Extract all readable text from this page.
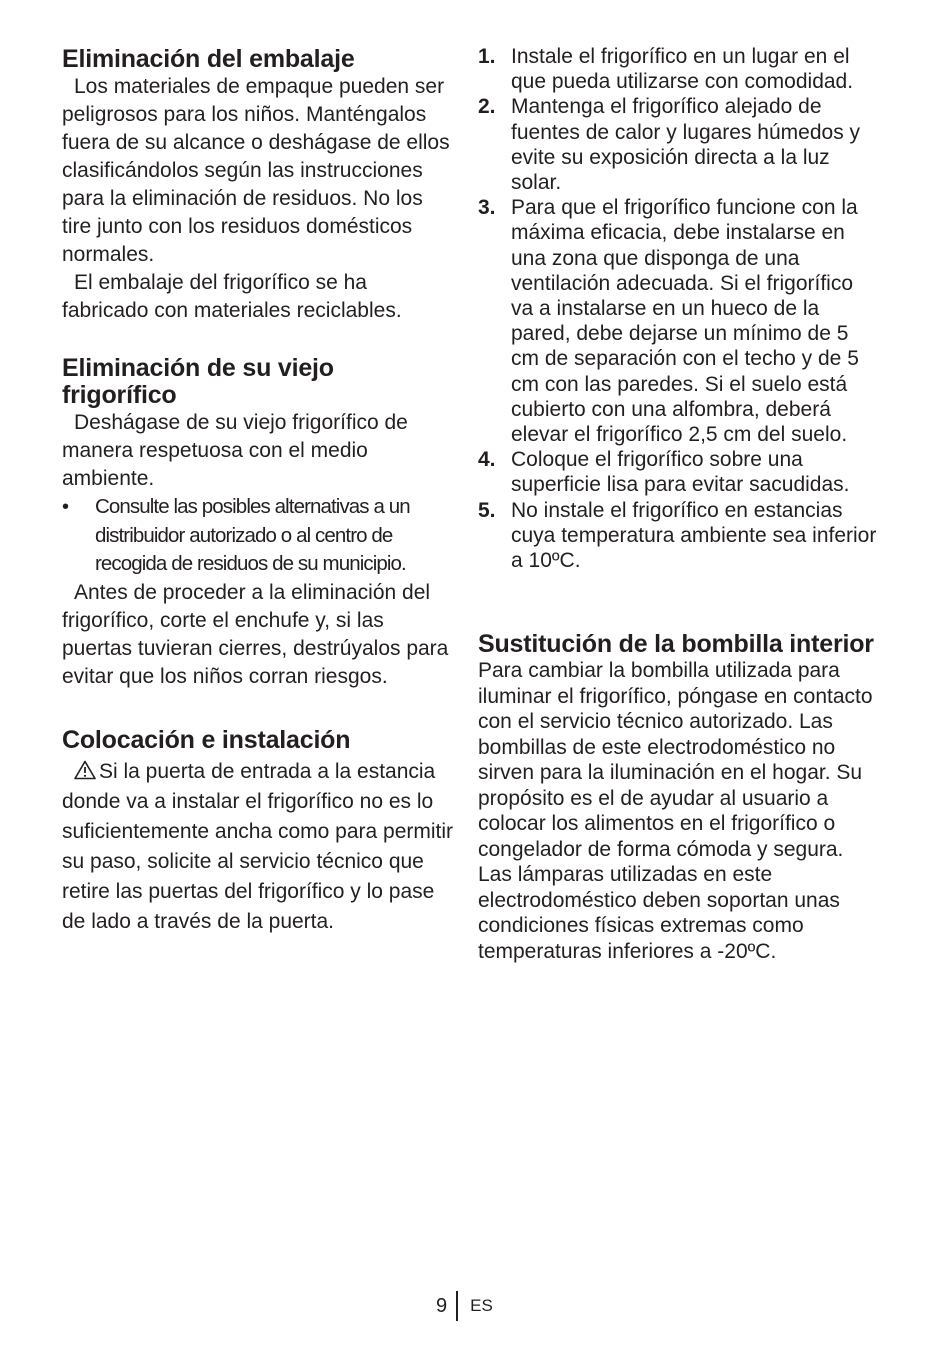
Eliminación del embalaje

Los materiales de empaque pueden ser peligrosos para los niños. Manténgalos fuera de su alcance o deshágase de ellos clasificándolos según las instrucciones para la eliminación de residuos. No los tire junto con los residuos domésticos normales.

El embalaje del frigorífico se ha fabricado con materiales reciclables.

Eliminación de su viejo frigorífico

Deshágase de su viejo frigorífico de manera respetuosa con el medio ambiente.

• Consulte las posibles alternativas a un distribuidor autorizado o al centro de recogida de residuos de su municipio.

Antes de proceder a la eliminación del frigorífico, corte el enchufe y, si las puertas tuvieran cierres, destrúyalos para evitar que los niños corran riesgos.

Colocación e instalación

Si la puerta de entrada a la estancia donde va a instalar el frigorífico no es lo suficientemente ancha como para permitir su paso, solicite al servicio técnico que retire las puertas del frigorífico y lo pase de lado a través de la puerta.

1. Instale el frigorífico en un lugar en el que pueda utilizarse con comodidad.
2. Mantenga el frigorífico alejado de fuentes de calor y lugares húmedos y evite su exposición directa a la luz solar.
3. Para que el frigorífico funcione con la máxima eficacia, debe instalarse en una zona que disponga de una ventilación adecuada. Si el frigorífico va a instalarse en un hueco de la pared, debe dejarse un mínimo de 5 cm de separación con el techo y de 5 cm con las paredes. Si el suelo está cubierto con una alfombra, deberá elevar el frigorífico 2,5 cm del suelo.
4. Coloque el frigorífico sobre una superficie lisa para evitar sacudidas.
5. No instale el frigorífico en estancias cuya temperatura ambiente sea inferior a 10ºC.
Sustitución de la bombilla interior

Para cambiar la bombilla utilizada para iluminar el frigorífico, póngase en contacto con el servicio técnico autorizado. Las bombillas de este electrodoméstico no sirven para la iluminación en el hogar. Su propósito es el de ayudar al usuario a colocar los alimentos en el frigorífico o congelador de forma cómoda y segura. Las lámparas utilizadas en este electrodoméstico deben soportan unas condiciones físicas extremas como temperaturas inferiores a -20ºC.

9 ES
